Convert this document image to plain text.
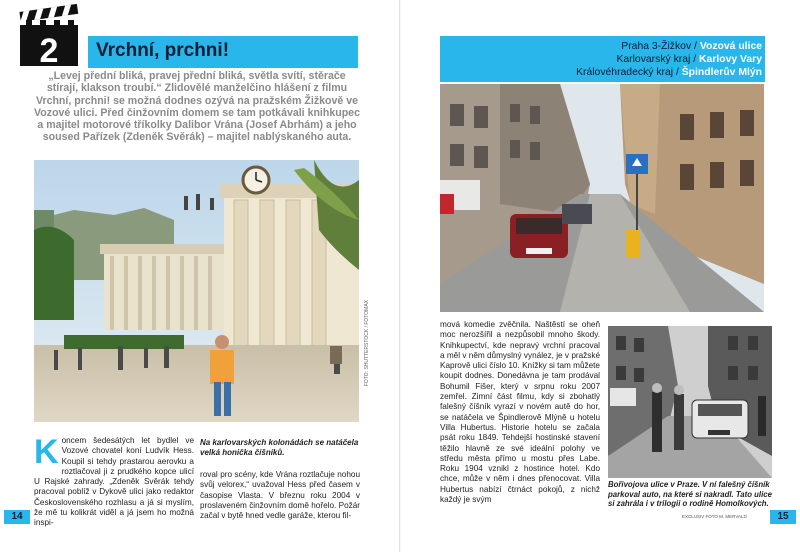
2 Vrchní, prchni!
„Levej přední bliká, pravej přední bliká, světla svítí, stěrače stírají, klakson troubí.“ Zlidovělé manželčino hlášení z filmu Vrchní, prchni! se možná dodnes ozývá na pražském Žižkově ve Vozové ulici. Před činžovním domem se tam potkávali knihkupec a majitel motorové tříkolky Dalibor Vrána (Josef Abrhám) a jeho soused Pařízek (Zdeněk Svěrák) – majitel nablýskaného auta.
FOTO: SHUTTERSTOCK / FOTOMAX
Na karlovarských kolonádách se natáčela velká honička číšníků.
Koncem šedesátých let bydlel ve Vozové chovatel koní Ludvík Hess. Koupil si tehdy prastarou aerovku a roztlačoval ji z prudkého kopce ulicí U Rajské zahrady. „Zdeněk Svěrák tehdy pracoval poblíž v Dykově ulici jako redaktor Československého rozhlasu a já si myslím, že mě tu kolikrát viděl a já jsem ho možná inspi-
roval pro scény, kde Vrána roztlačuje nohou svůj velorex,“ uvažoval Hess před časem v časopise Vlasta. V březnu roku 2004 v proslaveném činžovním domě hořelo. Požár začal v bytě hned vedle garáže, kterou fil-
14
Praha 3-Žižkov / Vozová ulice
Karlovarský kraj / Karlovy Vary
Královéhradecký kraj / Špindlerův Mlýn
mová komedie zvěčnila. Naštěstí se oheň moc nerozšířil a nezpůsobil mnoho škody. Knihkupectví, kde nepravý vrchní pracoval a měl v něm důmyslný vynález, je v pražské Kaprově ulici číslo 10. Knížky si tam můžete koupit dodnes. Donedávna je tam prodával Bohumil Fišer, který v srpnu roku 2007 zemřel. Zimní část filmu, kdy si zbohatlý falešný číšník vyrazí v novém autě do hor, se natáčela ve Špindlerově Mlýně u hotelu Villa Hubertus. Historie hotelu se začala psát roku 1849. Tehdejší hostinské stavení těžilo hlavně ze své ideální polohy ve středu města přímo u mostu přes Labe. Roku 1904 vznikl z hostince hotel. Kdo chce, může v něm i dnes přenocovat. Villa Hubertus nabízí čtrnáct pokojů, z nichž každý je svým
Bořivojova ulice v Praze. V ní falešný číšník parkoval auto, na které si nakradl. Tato ulice si zahrála i v trilogii o rodině Homolkových.
EXCLUSIV FOTO M. MERVALD	15
